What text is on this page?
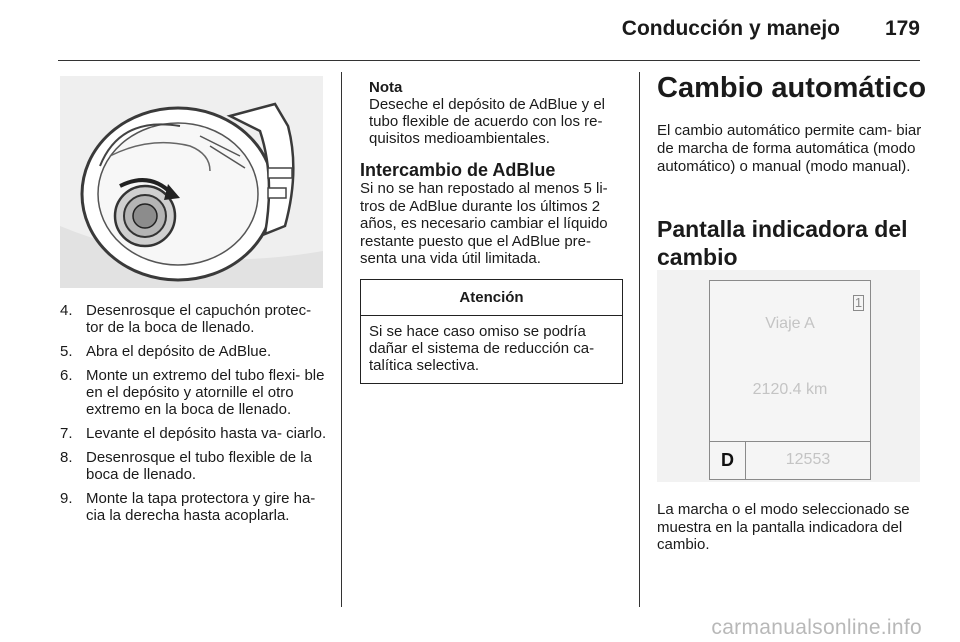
Conducción y manejo 179
4. Desenrosque el capuchón protec- tor de la boca de llenado.
5. Abra el depósito de AdBlue.
6. Monte un extremo del tubo flexi- ble en el depósito y atornille el otro extremo en la boca de llenado.
7. Levante el depósito hasta va- ciarlo.
8. Desenrosque el tubo flexible de la boca de llenado.
9. Monte la tapa protectora y gire ha- cia la derecha hasta acoplarla.
Nota
Deseche el depósito de AdBlue y el tubo flexible de acuerdo con los re- quisitos medioambientales.
Intercambio de AdBlue
Si no se han repostado al menos 5 li- tros de AdBlue durante los últimos 2 años, es necesario cambiar el líquido restante puesto que el AdBlue pre- senta una vida útil limitada.
Atención
Si se hace caso omiso se podría dañar el sistema de reducción ca- talítica selectiva.
Cambio automático
El cambio automático permite cam- biar de marcha de forma automática (modo automático) o manual (modo manual).
Pantalla indicadora del cambio
1
Viaje A
2120.4 km
D	12553
La marcha o el modo seleccionado se muestra en la pantalla indicadora del cambio.
carmanualsonline.info
